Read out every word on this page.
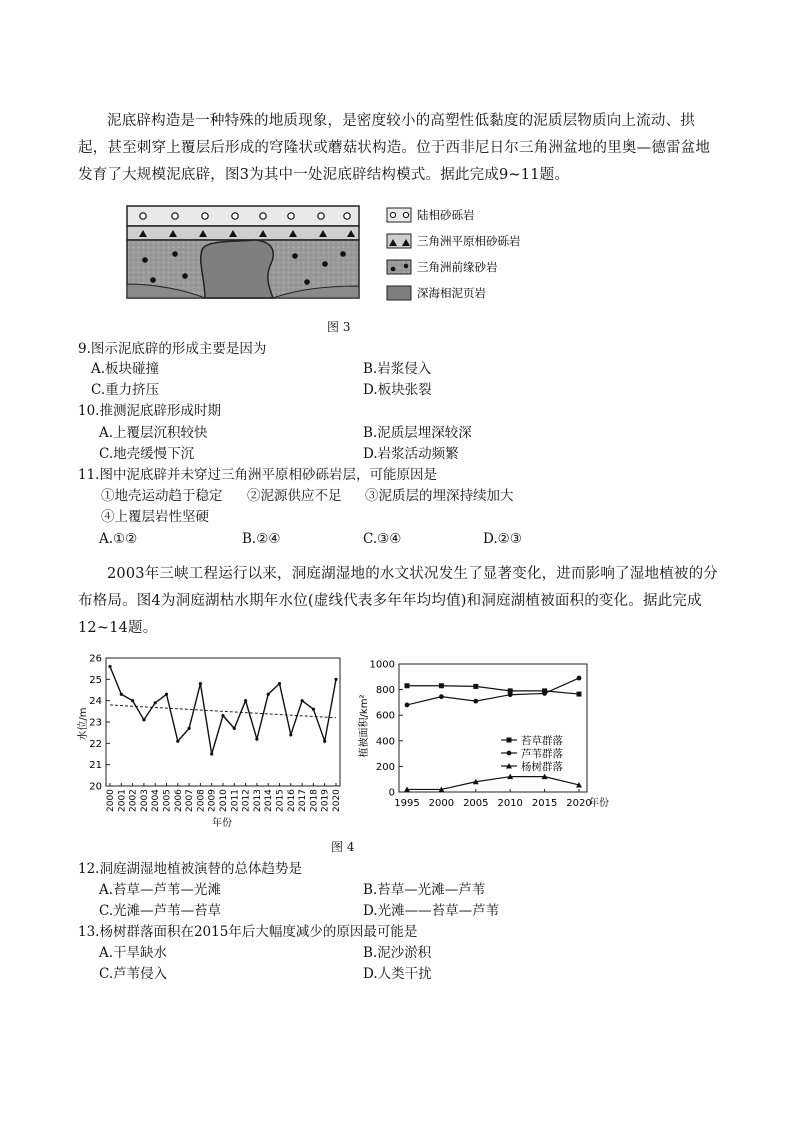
泥底辟构造是一种特殊的地质现象，是密度较小的高塑性低黏度的泥质层物质向上流动、拱起，甚至刺穿上覆层后形成的穹隆状或蘑菇状构造。位于西非尼日尔三角洲盆地的里奥—德雷盆地发育了大规模泥底辟，图3为其中一处泥底辟结构模式。据此完成9~11题。

陆相砂砾岩
三角洲平原相砂砾岩
三角洲前缘砂岩
深海相泥页岩
图 3

9.图示泥底辟的形成主要是因为

A.板块碰撞	B.岩浆侵入

C.重力挤压	D.板块张裂

10.推测泥底辟形成时期

A.上覆层沉积较快	B.泥质层埋深较深

C.地壳缓慢下沉	D.岩浆活动频繁

11.图中泥底辟并未穿过三角洲平原相砂砾岩层，可能原因是

①地壳运动趋于稳定 ②泥源供应不足 ③泥质层的埋深持续加大

④上覆层岩性坚硬

A.①②	B.②④	C.③④	D.②③

2003年三峡工程运行以来，洞庭湖湿地的水文状况发生了显著变化，进而影响了湿地植被的分布格局。图4为洞庭湖枯水期年水位(虚线代表多年年均均值)和洞庭湖植被面积的变化。据此完成12~14题。

水位/m
年份
20
21
22
23
24
25
26
2000 2001 2002 2003 2004 2005 2006 2007 2008 2009 2010 2011 2012 2013 2014 2015 2016 2017 2018 2019 2020
植被面积/km²
年份
0
200
400
600
800
1000
1995 2000 2005 2010 2015 2020
苔草群落
芦苇群落
杨树群落
图 4

12.洞庭湖湿地植被演替的总体趋势是

A.苔草—芦苇—光滩	B.苔草—光滩—芦苇

C.光滩—芦苇—苔草	D.光滩——苔草—芦苇

13.杨树群落面积在2015年后大幅度减少的原因最可能是

A.干旱缺水	B.泥沙淤积

C.芦苇侵入	D.人类干扰
